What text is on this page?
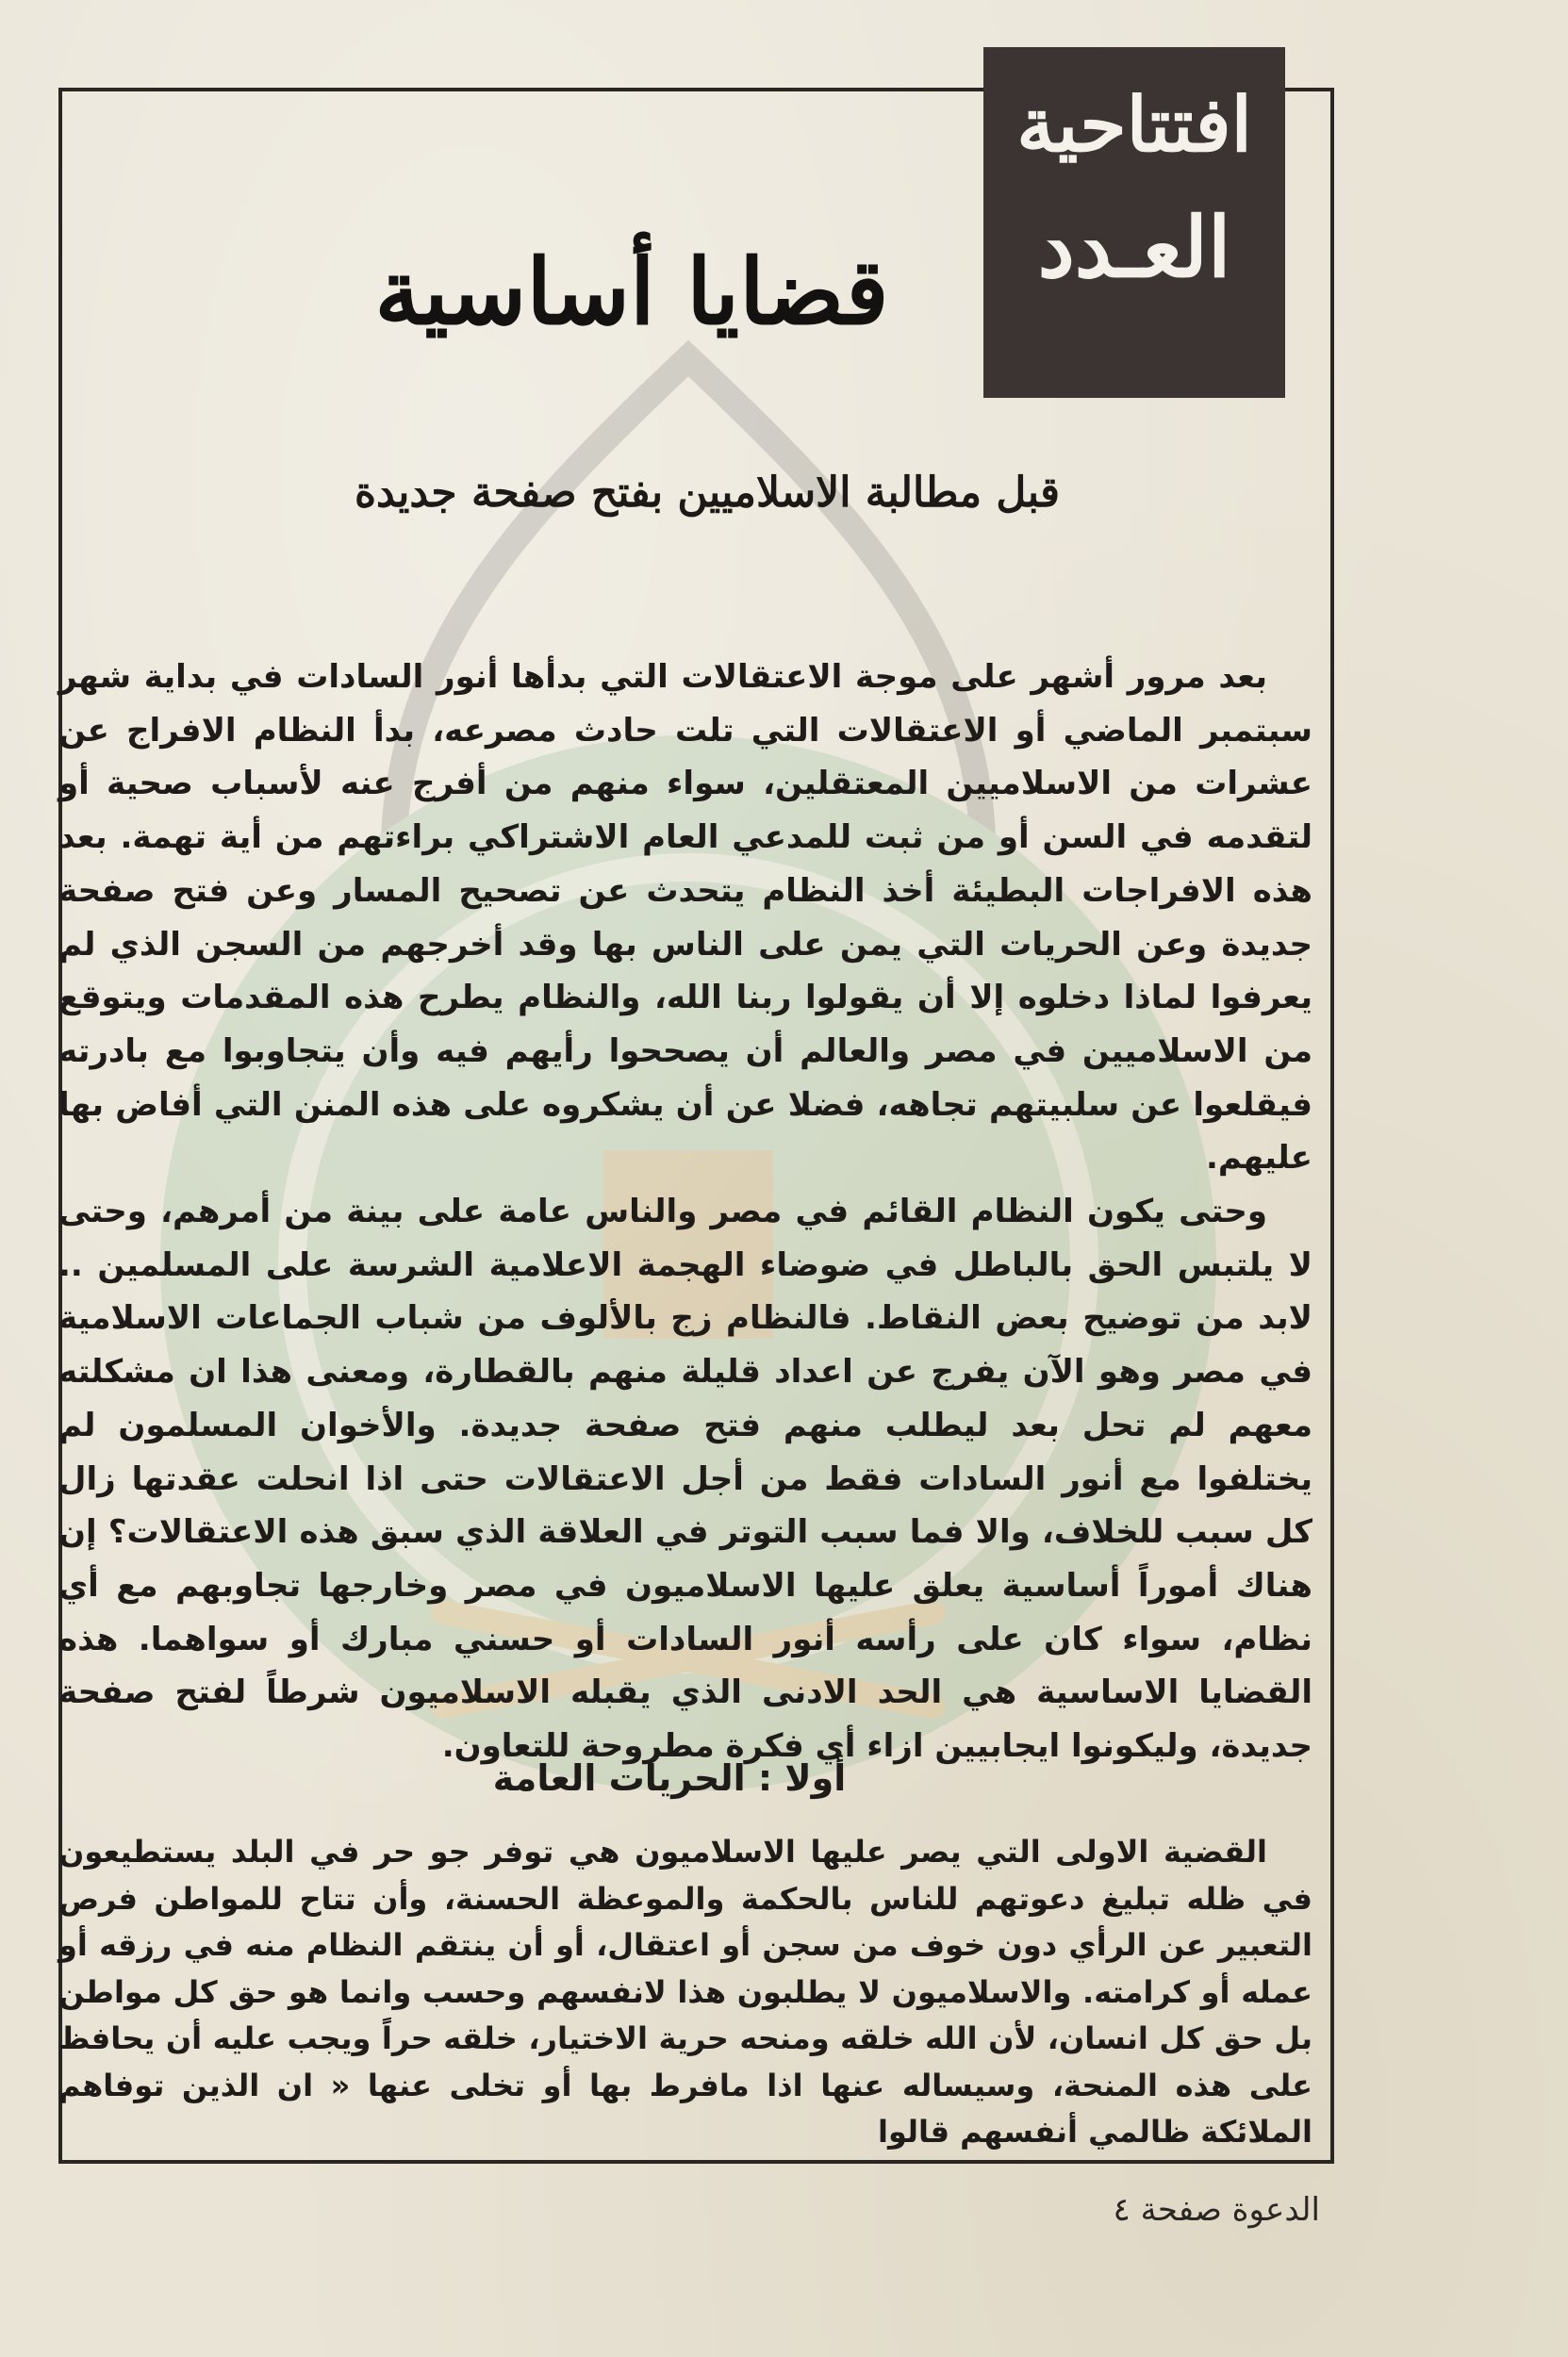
افتتاحية
العـدد
قضايا أساسية
قبل مطالبة الاسلاميين بفتح صفحة جديدة

بعد مرور أشهر على موجة الاعتقالات التي بدأها أنور السادات في بداية شهر سبتمبر الماضي أو الاعتقالات التي تلت حادث مصرعه، بدأ النظام الافراج عن عشرات من الاسلاميين المعتقلين، سواء منهم من أفرج عنه لأسباب صحية أو لتقدمه في السن أو من ثبت للمدعي العام الاشتراكي براءتهم من أية تهمة. بعد هذه الافراجات البطيئة أخذ النظام يتحدث عن تصحيح المسار وعن فتح صفحة جديدة وعن الحريات التي يمن على الناس بها وقد أخرجهم من السجن الذي لم يعرفوا لماذا دخلوه إلا أن يقولوا ربنا الله، والنظام يطرح هذه المقدمات ويتوقع من الاسلاميين في مصر والعالم أن يصححوا رأيهم فيه وأن يتجاوبوا مع بادرته فيقلعوا عن سلبيتهم تجاهه، فضلا عن أن يشكروه على هذه المنن التي أفاض بها عليهم.

وحتى يكون النظام القائم في مصر والناس عامة على بينة من أمرهم، وحتى لا يلتبس الحق بالباطل في ضوضاء الهجمة الاعلامية الشرسة على المسلمين .. لابد من توضيح بعض النقاط. فالنظام زج بالألوف من شباب الجماعات الاسلامية في مصر وهو الآن يفرج عن اعداد قليلة منهم بالقطارة، ومعنى هذا ان مشكلته معهم لم تحل بعد ليطلب منهم فتح صفحة جديدة. والأخوان المسلمون لم يختلفوا مع أنور السادات فقط من أجل الاعتقالات حتى اذا انحلت عقدتها زال كل سبب للخلاف، والا فما سبب التوتر في العلاقة الذي سبق هذه الاعتقالات؟ إن هناك أموراً أساسية يعلق عليها الاسلاميون في مصر وخارجها تجاوبهم مع أي نظام، سواء كان على رأسه أنور السادات أو حسني مبارك أو سواهما. هذه القضايا الاساسية هي الحد الادنى الذي يقبله الاسلاميون شرطاً لفتح صفحة جديدة، وليكونوا ايجابيين ازاء أي فكرة مطروحة للتعاون.

أولا : الحريات العامة

القضية الاولى التي يصر عليها الاسلاميون هي توفر جو حر في البلد يستطيعون في ظله تبليغ دعوتهم للناس بالحكمة والموعظة الحسنة، وأن تتاح للمواطن فرص التعبير عن الرأي دون خوف من سجن أو اعتقال، أو أن ينتقم النظام منه في رزقه أو عمله أو كرامته. والاسلاميون لا يطلبون هذا لانفسهم وحسب وانما هو حق كل مواطن بل حق كل انسان، لأن الله خلقه ومنحه حرية الاختيار، خلقه حراً ويجب عليه أن يحافظ على هذه المنحة، وسيساله عنها اذا مافرط بها أو تخلى عنها « ان الذين توفاهم الملائكة ظالمي أنفسهم قالوا

الدعوة صفحة ٤
